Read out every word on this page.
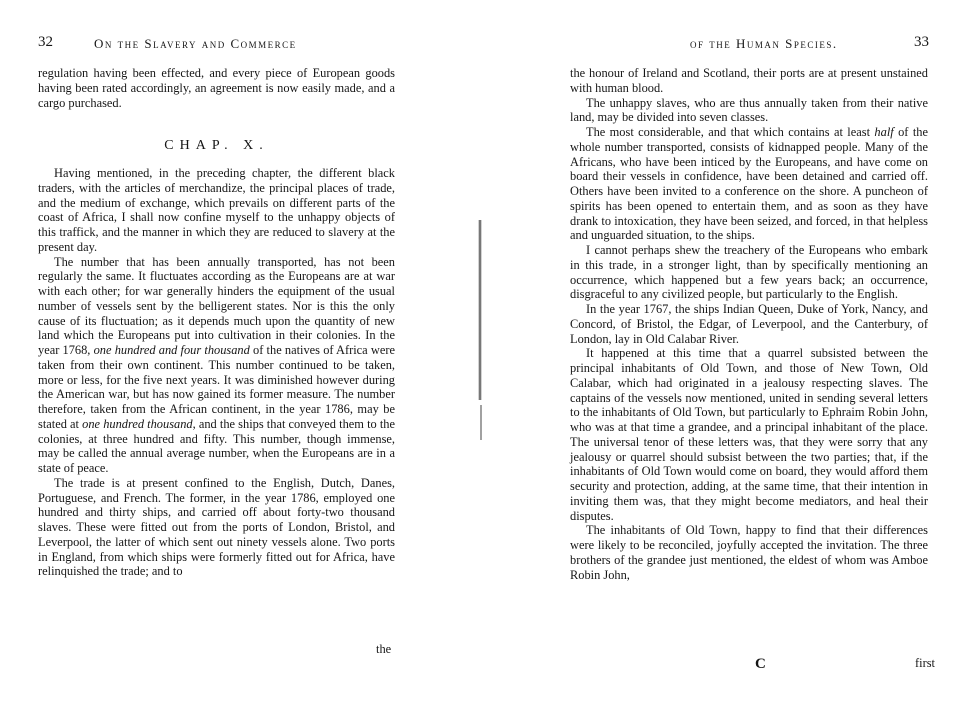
32	On the Slavery and Commerce

regulation having been effected, and every piece of European goods having been rated accordingly, an agreement is now easily made, and a cargo purchased.

CHAP. X.

Having mentioned, in the preceding chapter, the different black traders, with the articles of merchandize, the principal places of trade, and the medium of exchange, which prevails on different parts of the coast of Africa, I shall now confine myself to the unhappy objects of this traffick, and the manner in which they are reduced to slavery at the present day.

The number that has been annually transported, has not been regularly the same. It fluctuates according as the Europeans are at war with each other; for war generally hinders the equipment of the usual number of vessels sent by the belligerent states. Nor is this the only cause of its fluctuation; as it depends much upon the quantity of new land which the Europeans put into cultivation in their colonies. In the year 1768, one hundred and four thousand of the natives of Africa were taken from their own continent. This number continued to be taken, more or less, for the five next years. It was diminished however during the American war, but has now gained its former measure. The number therefore, taken from the African continent, in the year 1786, may be stated at one hundred thousand, and the ships that conveyed them to the colonies, at three hundred and fifty. This number, though immense, may be called the annual average number, when the Europeans are in a state of peace.

The trade is at present confined to the English, Dutch, Danes, Portuguese, and French. The former, in the year 1786, employed one hundred and thirty ships, and carried off about forty-two thousand slaves. These were fitted out from the ports of London, Bristol, and Leverpool, the latter of which sent out ninety vessels alone. Two ports in England, from which ships were formerly fitted out for Africa, have relinquished the trade; and to

the
of the Human Species.	33

the honour of Ireland and Scotland, their ports are at present unstained with human blood.

The unhappy slaves, who are thus annually taken from their native land, may be divided into seven classes.

The most considerable, and that which contains at least half of the whole number transported, consists of kidnapped people. Many of the Africans, who have been inticed by the Europeans, and have come on board their vessels in confidence, have been detained and carried off. Others have been invited to a conference on the shore. A puncheon of spirits has been opened to entertain them, and as soon as they have drank to intoxication, they have been seized, and forced, in that helpless and unguarded situation, to the ships.

I cannot perhaps shew the treachery of the Europeans who embark in this trade, in a stronger light, than by specifically mentioning an occurrence, which happened but a few years back; an occurrence, disgraceful to any civilized people, but particularly to the English.

In the year 1767, the ships Indian Queen, Duke of York, Nancy, and Concord, of Bristol, the Edgar, of Leverpool, and the Canterbury, of London, lay in Old Calabar River.

It happened at this time that a quarrel subsisted between the principal inhabitants of Old Town, and those of New Town, Old Calabar, which had originated in a jealousy respecting slaves. The captains of the vessels now mentioned, united in sending several letters to the inhabitants of Old Town, but particularly to Ephraim Robin John, who was at that time a grandee, and a principal inhabitant of the place. The universal tenor of these letters was, that they were sorry that any jealousy or quarrel should subsist between the two parties; that, if the inhabitants of Old Town would come on board, they would afford them security and protection, adding, at the same time, that their intention in inviting them was, that they might become mediators, and heal their disputes.

The inhabitants of Old Town, happy to find that their differences were likely to be reconciled, joyfully accepted the invitation. The three brothers of the grandee just mentioned, the eldest of whom was Amboe Robin John,

first
C
